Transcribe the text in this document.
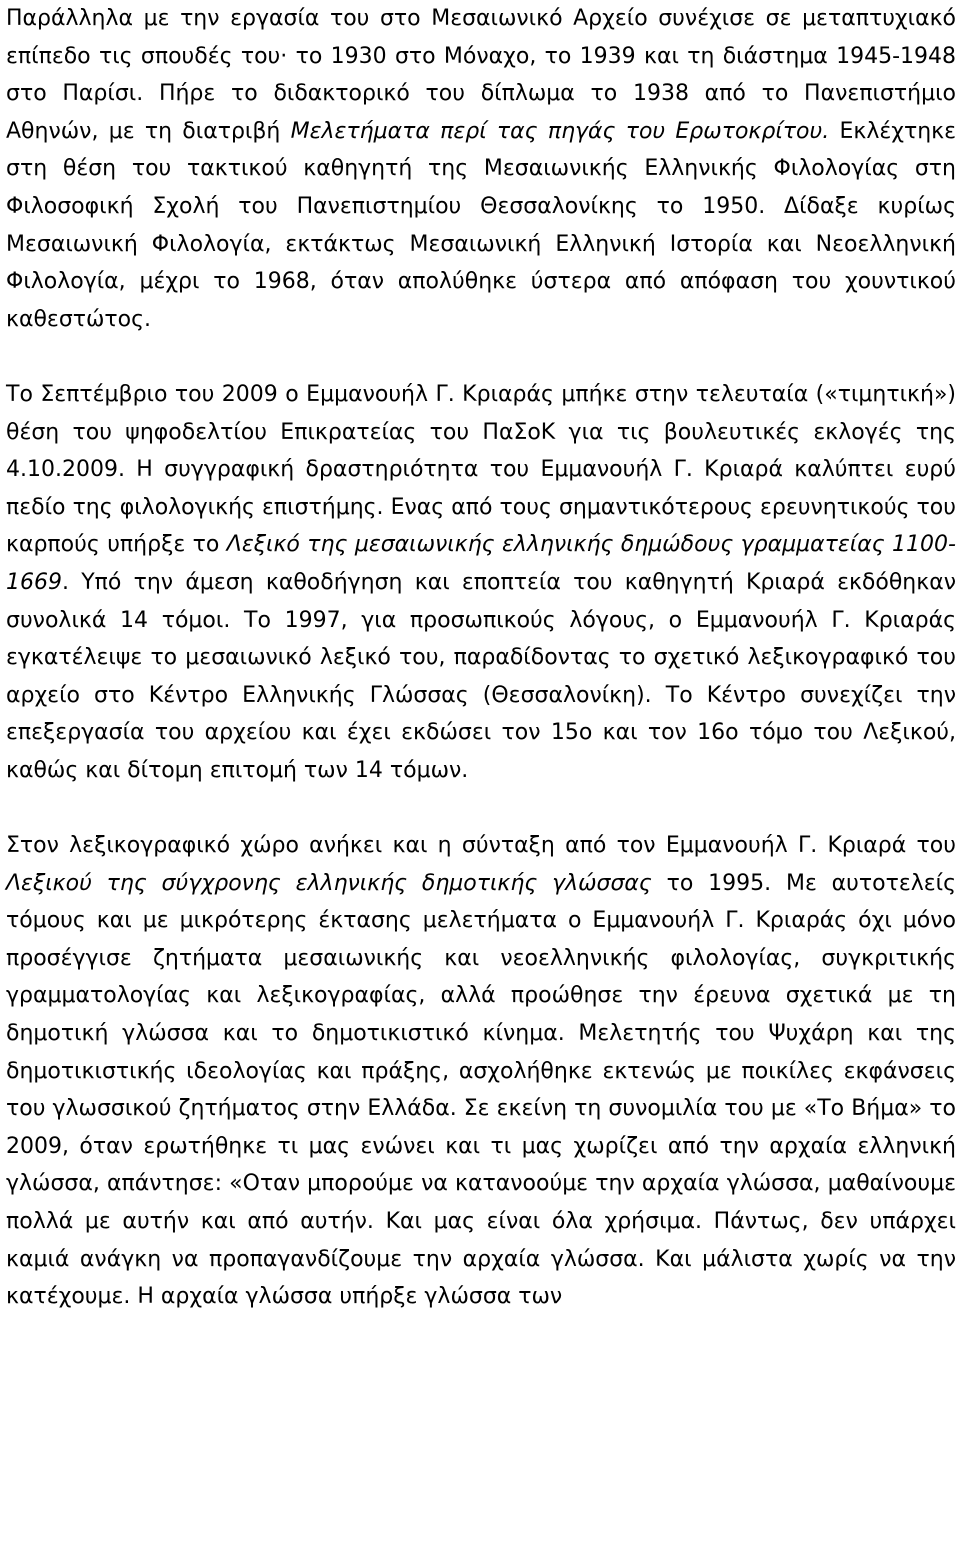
Παράλληλα με την εργασία του στο Μεσαιωνικό Αρχείο συνέχισε σε μεταπτυχιακό επίπεδο τις σπουδές του· το 1930 στο Μόναχο, το 1939 και τη διάστημα 1945-1948 στο Παρίσι. Πήρε το διδακτορικό του δίπλωμα το 1938 από το Πανεπιστήμιο Αθηνών, με τη διατριβή Μελετήματα περί τας πηγάς του Ερωτοκρίτου. Εκλέχτηκε στη θέση του τακτικού καθηγητή της Μεσαιωνικής Ελληνικής Φιλολογίας στη Φιλοσοφική Σχολή του Πανεπιστημίου Θεσσαλονίκης το 1950. Δίδαξε κυρίως Μεσαιωνική Φιλολογία, εκτάκτως Μεσαιωνική Ελληνική Ιστορία και Νεοελληνική Φιλολογία, μέχρι το 1968, όταν απολύθηκε ύστερα από απόφαση του χουντικού καθεστώτος.

Το Σεπτέμβριο του 2009 ο Εμμανουήλ Γ. Κριαράς μπήκε στην τελευταία («τιμητική») θέση του ψηφοδελτίου Επικρατείας του ΠαΣοΚ για τις βουλευτικές εκλογές της 4.10.2009. Η συγγραφική δραστηριότητα του Εμμανουήλ Γ. Κριαρά καλύπτει ευρύ πεδίο της φιλολογικής επιστήμης. Ενας από τους σημαντικότερους ερευνητικούς του καρπούς υπήρξε το Λεξικό της μεσαιωνικής ελληνικής δημώδους γραμματείας 1100-1669. Υπό την άμεση καθοδήγηση και εποπτεία του καθηγητή Κριαρά εκδόθηκαν συνολικά 14 τόμοι. Το 1997, για προσωπικούς λόγους, ο Εμμανουήλ Γ. Κριαράς εγκατέλειψε το μεσαιωνικό λεξικό του, παραδίδοντας το σχετικό λεξικογραφικό του αρχείο στο Κέντρο Ελληνικής Γλώσσας (Θεσσαλονίκη). Το Κέντρο συνεχίζει την επεξεργασία του αρχείου και έχει εκδώσει τον 15ο και τον 16ο τόμο του Λεξικού, καθώς και δίτομη επιτομή των 14 τόμων.

Στον λεξικογραφικό χώρο ανήκει και η σύνταξη από τον Εμμανουήλ Γ. Κριαρά του Λεξικού της σύγχρονης ελληνικής δημοτικής γλώσσας το 1995. Με αυτοτελείς τόμους και με μικρότερης έκτασης μελετήματα ο Εμμανουήλ Γ. Κριαράς όχι μόνο προσέγγισε ζητήματα μεσαιωνικής και νεοελληνικής φιλολογίας, συγκριτικής γραμματολογίας και λεξικογραφίας, αλλά προώθησε την έρευνα σχετικά με τη δημοτική γλώσσα και το δημοτικιστικό κίνημα. Μελετητής του Ψυχάρη και της δημοτικιστικής ιδεολογίας και πράξης, ασχολήθηκε εκτενώς με ποικίλες εκφάνσεις του γλωσσικού ζητήματος στην Ελλάδα. Σε εκείνη τη συνομιλία του με «Το Βήμα» το 2009, όταν ερωτήθηκε τι μας ενώνει και τι μας χωρίζει από την αρχαία ελληνική γλώσσα, απάντησε: «Οταν μπορούμε να κατανοούμε την αρχαία γλώσσα, μαθαίνουμε πολλά με αυτήν και από αυτήν. Και μας είναι όλα χρήσιμα. Πάντως, δεν υπάρχει καμιά ανάγκη να προπαγανδίζουμε την αρχαία γλώσσα. Και μάλιστα χωρίς να την κατέχουμε. Η αρχαία γλώσσα υπήρξε γλώσσα των
